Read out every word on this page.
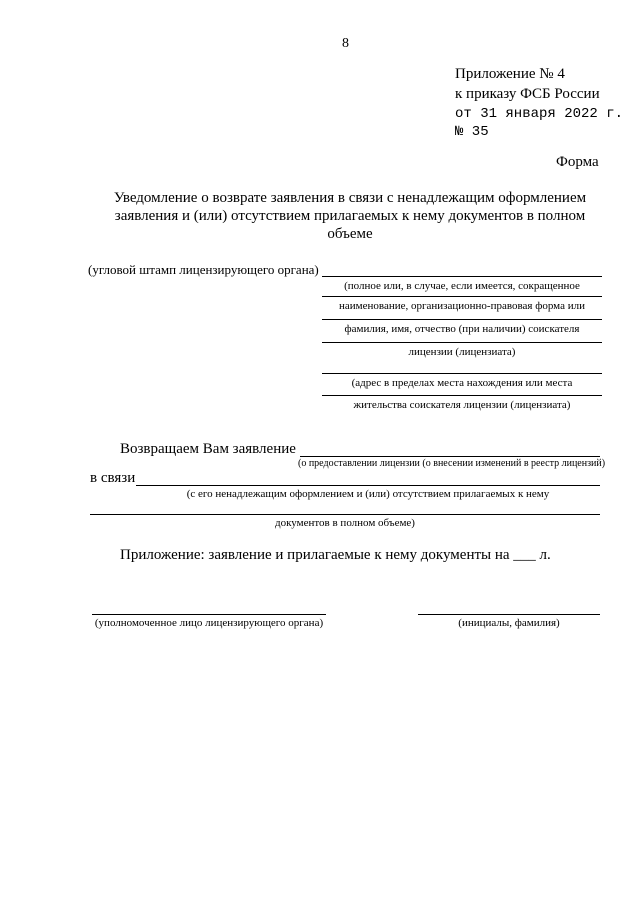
8
Приложение № 4
к приказу ФСБ России
от 31 января 2022 г.
№ 35
Форма
Уведомление о возврате заявления в связи с ненадлежащим оформлением
заявления и (или) отсутствием прилагаемых к нему документов в полном
объеме
(угловой штамп лицензирующего органа)
(полное или, в случае, если имеется, сокращенное
наименование, организационно-правовая форма или
фамилия, имя, отчество (при наличии) соискателя
лицензии (лицензиата)
(адрес в пределах места нахождения или места
жительства соискателя лицензии (лицензиата)
Возвращаем Вам заявление
(о предоставлении лицензии (о внесении изменений в реестр лицензий)
в связи
(с его ненадлежащим оформлением и (или) отсутствием прилагаемых к нему
документов в полном объеме)
Приложение: заявление и прилагаемые к нему документы на ___ л.
(уполномоченное лицо лицензирующего органа)	(инициалы, фамилия)
